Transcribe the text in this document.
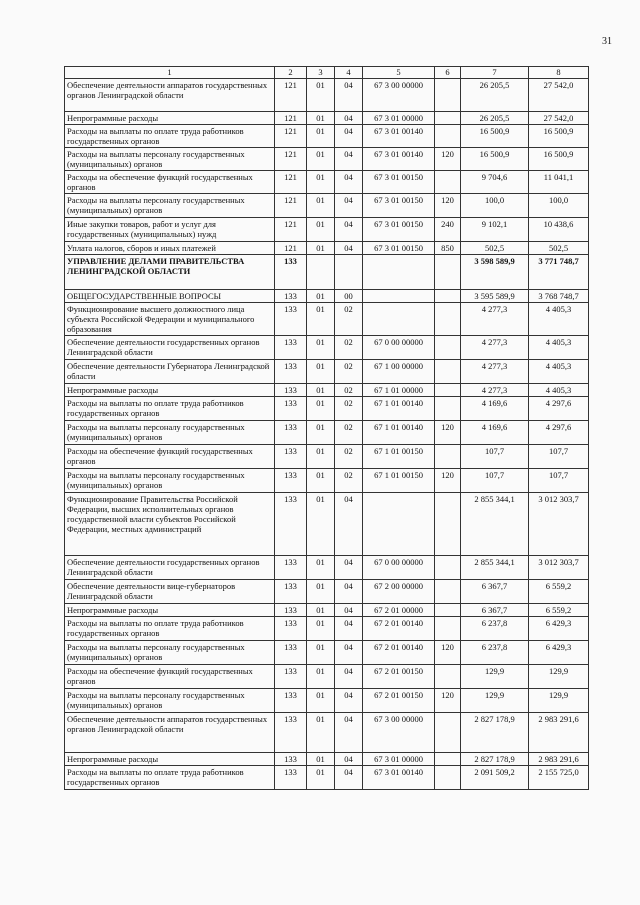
31
1	2	3	4	5	6	7	8
Обеспечение деятельности аппаратов государственных органов Ленинградской области	121	01	04	67 3 00 00000		26 205,5	27 542,0
Непрограммные расходы	121	01	04	67 3 01 00000		26 205,5	27 542,0
Расходы на выплаты по оплате труда работников государственных органов	121	01	04	67 3 01 00140		16 500,9	16 500,9
Расходы на выплаты персоналу государственных (муниципальных) органов	121	01	04	67 3 01 00140	120	16 500,9	16 500,9
Расходы на обеспечение функций государственных органов	121	01	04	67 3 01 00150		9 704,6	11 041,1
Расходы на выплаты персоналу государственных (муниципальных) органов	121	01	04	67 3 01 00150	120	100,0	100,0
Иные закупки товаров, работ и услуг для государственных (муниципальных) нужд	121	01	04	67 3 01 00150	240	9 102,1	10 438,6
Уплата налогов, сборов и иных платежей	121	01	04	67 3 01 00150	850	502,5	502,5
УПРАВЛЕНИЕ ДЕЛАМИ ПРАВИТЕЛЬСТВА ЛЕНИНГРАДСКОЙ ОБЛАСТИ	133					3 598 589,9	3 771 748,7
ОБЩЕГОСУДАРСТВЕННЫЕ ВОПРОСЫ	133	01	00			3 595 589,9	3 768 748,7
Функционирование высшего должностного лица субъекта Российской Федерации и муниципального образования	133	01	02			4 277,3	4 405,3
Обеспечение деятельности государственных органов Ленинградской области	133	01	02	67 0 00 00000		4 277,3	4 405,3
Обеспечение деятельности Губернатора Ленинградской области	133	01	02	67 1 00 00000		4 277,3	4 405,3
Непрограммные расходы	133	01	02	67 1 01 00000		4 277,3	4 405,3
Расходы на выплаты по оплате труда работников государственных органов	133	01	02	67 1 01 00140		4 169,6	4 297,6
Расходы на выплаты персоналу государственных (муниципальных) органов	133	01	02	67 1 01 00140	120	4 169,6	4 297,6
Расходы на обеспечение функций государственных органов	133	01	02	67 1 01 00150		107,7	107,7
Расходы на выплаты персоналу государственных (муниципальных) органов	133	01	02	67 1 01 00150	120	107,7	107,7
Функционирование Правительства Российской Федерации, высших исполнительных органов государственной власти субъектов Российской Федерации, местных администраций	133	01	04			2 855 344,1	3 012 303,7
Обеспечение деятельности государственных органов Ленинградской области	133	01	04	67 0 00 00000		2 855 344,1	3 012 303,7
Обеспечение деятельности вице-губернаторов Ленинградской области	133	01	04	67 2 00 00000		6 367,7	6 559,2
Непрограммные расходы	133	01	04	67 2 01 00000		6 367,7	6 559,2
Расходы на выплаты по оплате труда работников государственных органов	133	01	04	67 2 01 00140		6 237,8	6 429,3
Расходы на выплаты персоналу государственных (муниципальных) органов	133	01	04	67 2 01 00140	120	6 237,8	6 429,3
Расходы на обеспечение функций государственных органов	133	01	04	67 2 01 00150		129,9	129,9
Расходы на выплаты персоналу государственных (муниципальных) органов	133	01	04	67 2 01 00150	120	129,9	129,9
Обеспечение деятельности аппаратов государственных органов Ленинградской области	133	01	04	67 3 00 00000		2 827 178,9	2 983 291,6
Непрограммные расходы	133	01	04	67 3 01 00000		2 827 178,9	2 983 291,6
Расходы на выплаты по оплате труда работников государственных органов	133	01	04	67 3 01 00140		2 091 509,2	2 155 725,0
